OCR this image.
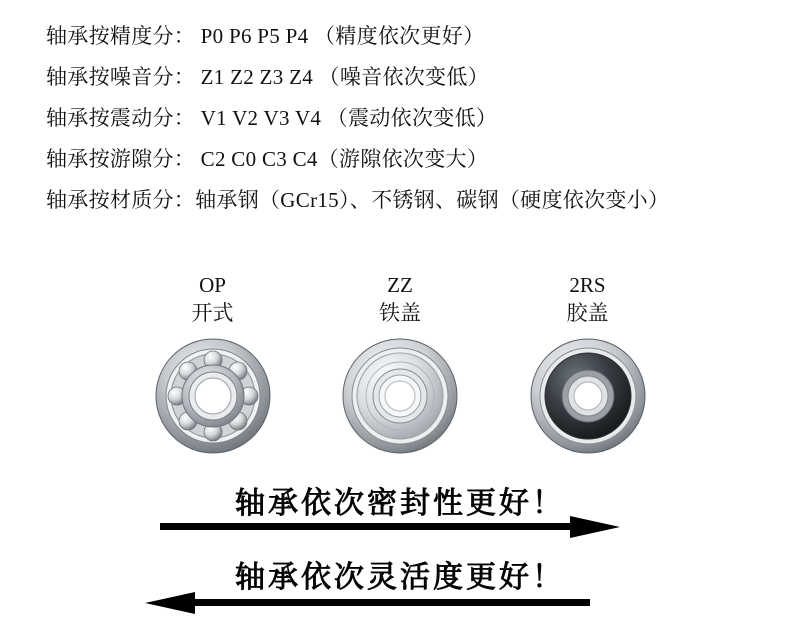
轴承按精度分： P0 P6 P5 P4 （精度依次更好）
轴承按噪音分： Z1 Z2 Z3 Z4 （噪音依次变低）
轴承按震动分： V1 V2 V3 V4 （震动依次变低）
轴承按游隙分： C2 C0 C3 C4（游隙依次变大）
轴承按材质分：轴承钢（GCr15）、不锈钢、碳钢（硬度依次变小）
OP
开式
ZZ
铁盖
2RS
胶盖
轴承依次密封性更好！
轴承依次灵活度更好！
